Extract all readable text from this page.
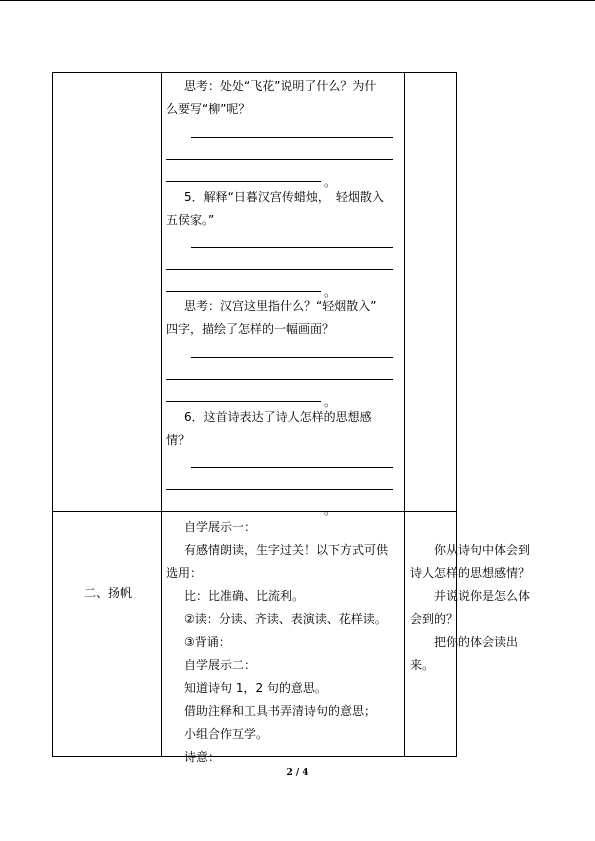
思考：处处“飞花”说明了什么？为什
么要写“柳”呢？
。
5．解释“日暮汉宫传蜡烛，　轻烟散入
五侯家。”
。
思考：汉宫这里指什么？“轻烟散入”
四字，描绘了怎样的一幅画面？
。
6．这首诗表达了诗人怎样的思想感
情？
。
二、扬帆
自学展示一：
有感情朗读，生字过关！以下方式可供
选用：
比：比准确、比流利。
②读：分读、齐读、表演读、花样读。
③背诵：
自学展示二：
知道诗句 1，2 句的意思。
借助注释和工具书弄清诗句的意思；
小组合作互学。
诗意：
你从诗句中体会到
诗人怎样的思想感情？
并说说你是怎么体
会到的？
把你的体会读出
来。
2 / 4
